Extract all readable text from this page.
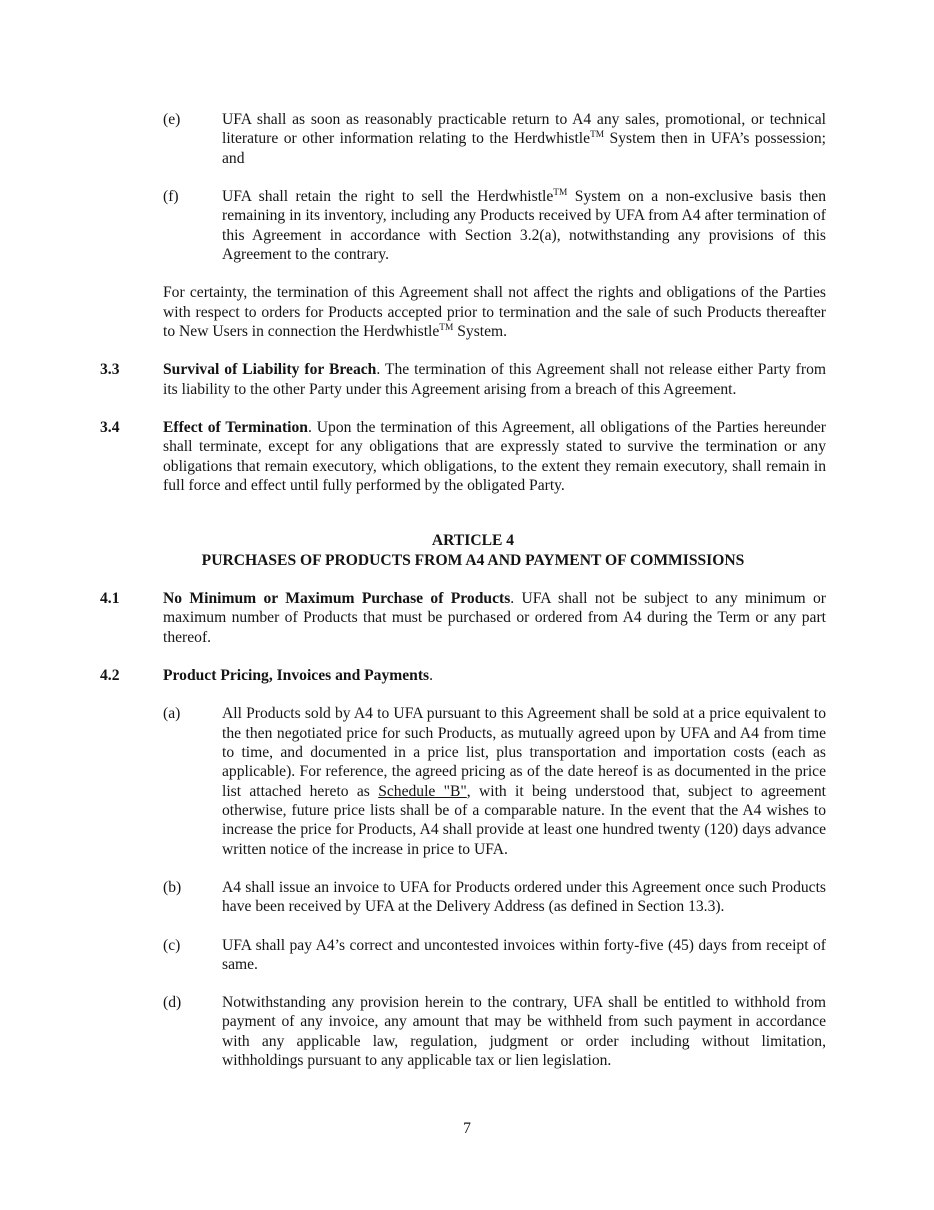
(e)	UFA shall as soon as reasonably practicable return to A4 any sales, promotional, or technical literature or other information relating to the Herdwhistle™ System then in UFA’s possession; and
(f)	UFA shall retain the right to sell the Herdwhistle™ System on a non-exclusive basis then remaining in its inventory, including any Products received by UFA from A4 after termination of this Agreement in accordance with Section 3.2(a), notwithstanding any provisions of this Agreement to the contrary.
For certainty, the termination of this Agreement shall not affect the rights and obligations of the Parties with respect to orders for Products accepted prior to termination and the sale of such Products thereafter to New Users in connection the Herdwhistle™ System.
3.3	Survival of Liability for Breach. The termination of this Agreement shall not release either Party from its liability to the other Party under this Agreement arising from a breach of this Agreement.
3.4	Effect of Termination. Upon the termination of this Agreement, all obligations of the Parties hereunder shall terminate, except for any obligations that are expressly stated to survive the termination or any obligations that remain executory, which obligations, to the extent they remain executory, shall remain in full force and effect until fully performed by the obligated Party.
ARTICLE 4
PURCHASES OF PRODUCTS FROM A4 AND PAYMENT OF COMMISSIONS
4.1	No Minimum or Maximum Purchase of Products. UFA shall not be subject to any minimum or maximum number of Products that must be purchased or ordered from A4 during the Term or any part thereof.
4.2	Product Pricing, Invoices and Payments.
(a)	All Products sold by A4 to UFA pursuant to this Agreement shall be sold at a price equivalent to the then negotiated price for such Products, as mutually agreed upon by UFA and A4 from time to time, and documented in a price list, plus transportation and importation costs (each as applicable). For reference, the agreed pricing as of the date hereof is as documented in the price list attached hereto as Schedule "B", with it being understood that, subject to agreement otherwise, future price lists shall be of a comparable nature. In the event that the A4 wishes to increase the price for Products, A4 shall provide at least one hundred twenty (120) days advance written notice of the increase in price to UFA.
(b)	A4 shall issue an invoice to UFA for Products ordered under this Agreement once such Products have been received by UFA at the Delivery Address (as defined in Section 13.3).
(c)	UFA shall pay A4’s correct and uncontested invoices within forty-five (45) days from receipt of same.
(d)	Notwithstanding any provision herein to the contrary, UFA shall be entitled to withhold from payment of any invoice, any amount that may be withheld from such payment in accordance with any applicable law, regulation, judgment or order including without limitation, withholdings pursuant to any applicable tax or lien legislation.
7
